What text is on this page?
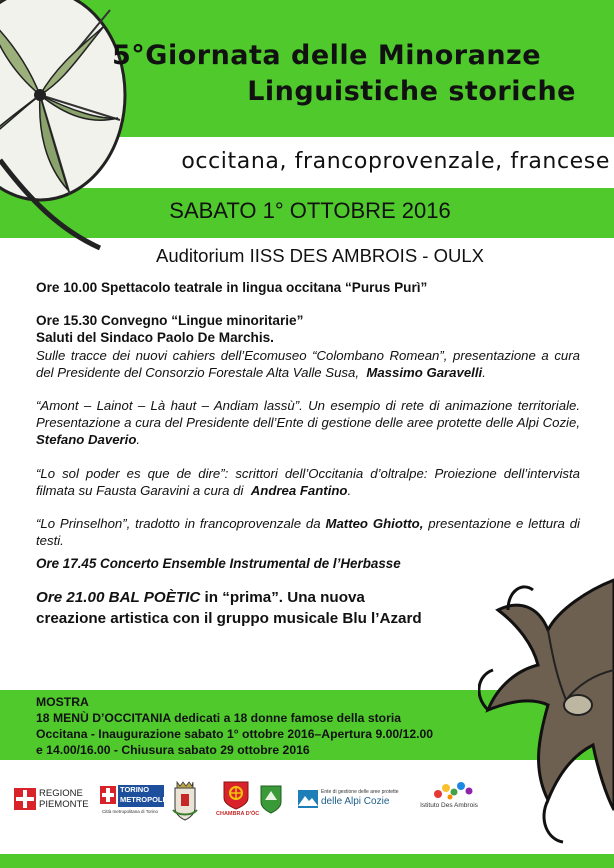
5°Giornata delle Minoranze
Linguistiche storiche
occitana, francoprovenzale, francese
SABATO 1° OTTOBRE 2016
Auditorium IISS DES AMBROIS - OULX

Ore 10.00 Spettacolo teatrale in lingua occitana “Purus Purì”

Ore 15.30 Convegno “Lingue minoritarie”

Saluti del Sindaco Paolo De Marchis.

Sulle tracce dei nuovi cahiers dell’Ecomuseo “Colombano Romean”, presentazione a cura del Presidente del Consorzio Forestale Alta Valle Susa, Massimo Garavelli.

“Amont – Lainot – Là haut – Andiam lassù”. Un esempio di rete di animazione territoriale. Presentazione a cura del Presidente dell’Ente di gestione delle aree protette delle Alpi Cozie, Stefano Daverio.

“Lo sol poder es que de dire”: scrittori dell’Occitania d’oltralpe: Proiezione dell’intervista filmata su Fausta Garavini a cura di Andrea Fantino.

“Lo Prinselhon”, tradotto in francoprovenzale da Matteo Ghiotto, presentazione e lettura di testi.

Ore 17.45 Concerto Ensemble Instrumental de l’Herbasse

Ore 21.00 BAL POÈTIC in “prima”. Una nuova creazione artistica con il gruppo musicale Blu l’Azard

MOSTRA

18 MENÙ D’OCCITANIA dedicati a 18 donne famose della storia

Occitana - Inaugurazione sabato 1° ottobre 2016–Apertura 9.00/12.00

e 14.00/16.00 - Chiusura sabato 29 ottobre 2016

REGIONE
PIEMONTE
TORINO
METROPOLI
Città metropolitana di Torino	CHAMBRA D'ÒC
Ente di gestione delle aree protette
delle Alpi Cozie	Istituto Des Ambrois
